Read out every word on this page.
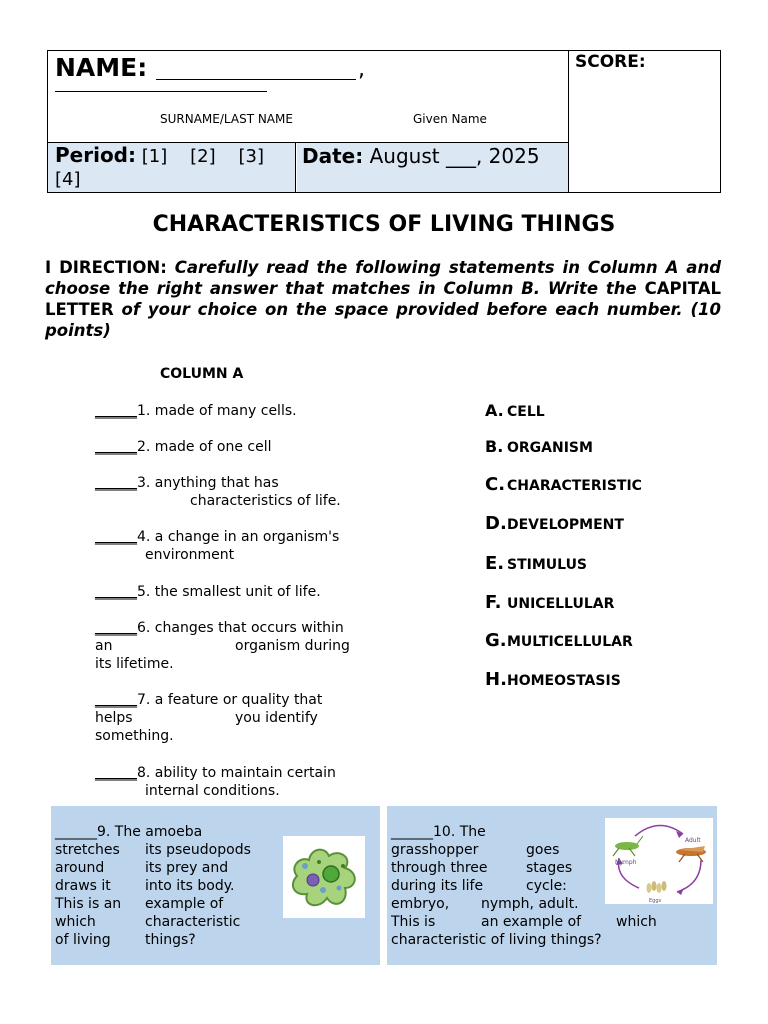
NAME:	,
SURNAME/LAST NAME	Given Name
SCORE:
Period: [1]    [2]    [3]    [4]
Date: August ___, 2025
CHARACTERISTICS OF LIVING THINGS
I DIRECTION: Carefully read the following statements in Column A and choose the right answer that matches in Column B. Write the CAPITAL LETTER of your choice on the space provided before each number. (10 points)
COLUMN A
______1. made of many cells.
______2. made of one cell
______3. anything that has
characteristics of life.
______4. a change in an organism's
environment
______5. the smallest unit of life.
______6. changes that occurs within
an	organism during
its lifetime.
______7. a feature or quality that
helps	you identify
something.
______8. ability to maintain certain
internal conditions.
A. CELL
B. ORGANISM
C. CHARACTERISTIC
D.DEVELOPMENT
E. STIMULUS
F. UNICELLULAR
G.MULTICELLULAR
H.HOMEOSTASIS
______9. The amoeba
stretches its pseudopods
around	its prey and
draws it into its body.
This is an example of
which	characteristic
of living things?
______10. The
grasshopper	goes
through three	stages
during its life	cycle:
embryo, nymph, adult.
This is	an example of which
characteristic of living things?
Nymph
Adult
Eggs
